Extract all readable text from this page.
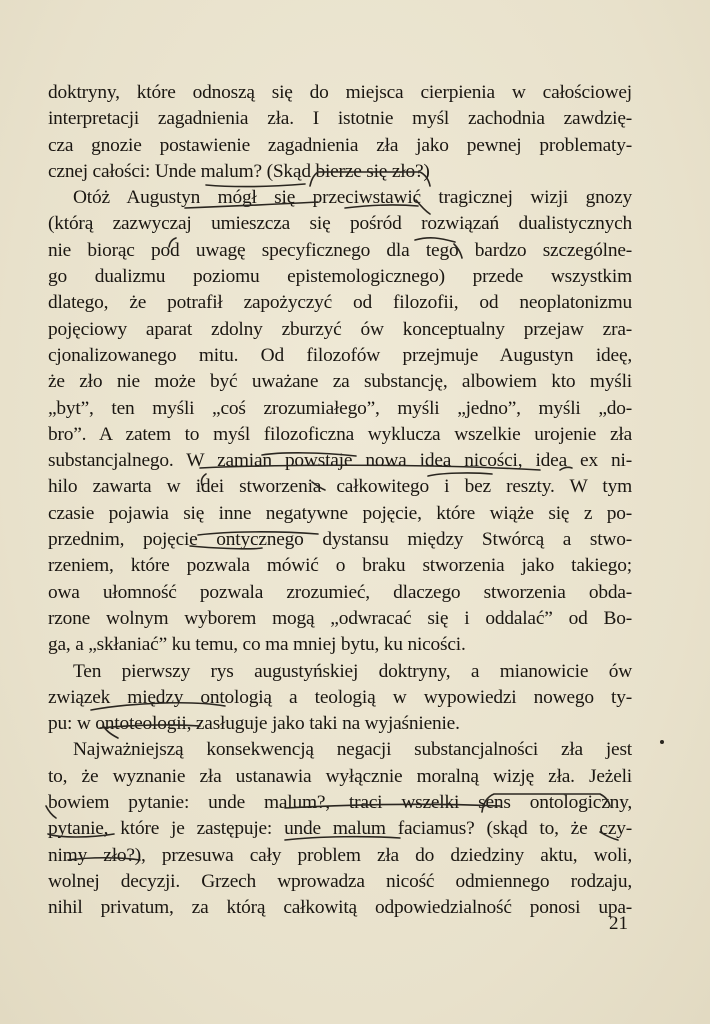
doktryny, które odnoszą się do miejsca cierpienia w całościowej
interpretacji zagadnienia zła. I istotnie myśl zachodnia zawdzię-
cza gnozie postawienie zagadnienia zła jako pewnej problematy-
cznej całości: Unde malum? (Skąd bierze się zło?)
Otóż Augustyn mógł się przeciwstawić tragicznej wizji gnozy
(którą zazwyczaj umieszcza się pośród rozwiązań dualistycznych
nie biorąc pod uwagę specyficznego dla tego bardzo szczególne-
go dualizmu poziomu epistemologicznego) przede wszystkim
dlatego, że potrafił zapożyczyć od filozofii, od neoplatonizmu
pojęciowy aparat zdolny zburzyć ów konceptualny przejaw zra-
cjonalizowanego mitu. Od filozofów przejmuje Augustyn ideę,
że zło nie może być uważane za substancję, albowiem kto myśli
„byt”, ten myśli „coś zrozumiałego”, myśli „jedno”, myśli „do-
bro”. A zatem to myśl filozoficzna wyklucza wszelkie urojenie zła
substancjalnego. W zamian powstaje nowa idea nicości, idea ex ni-
hilo zawarta w idei stworzenia całkowitego i bez reszty. W tym
czasie pojawia się inne negatywne pojęcie, które wiąże się z po-
przednim, pojęcie ontycznego dystansu między Stwórcą a stwo-
rzeniem, które pozwala mówić o braku stworzenia jako takiego;
owa ułomność pozwala zrozumieć, dlaczego stworzenia obda-
rzone wolnym wyborem mogą „odwracać się i oddalać” od Bo-
ga, a „skłaniać” ku temu, co ma mniej bytu, ku nicości.
Ten pierwszy rys augustyńskiej doktryny, a mianowicie ów
związek między ontologią a teologią w wypowiedzi nowego ty-
pu: w ontoteologii, zasługuje jako taki na wyjaśnienie.
Najważniejszą konsekwencją negacji substancjalności zła jest
to, że wyznanie zła ustanawia wyłącznie moralną wizję zła. Jeżeli
bowiem pytanie: unde malum?, traci wszelki sens ontologiczny,
pytanie, które je zastępuje: unde malum faciamus? (skąd to, że czy-
nimy zło?), przesuwa cały problem zła do dziedziny aktu, woli,
wolnej decyzji. Grzech wprowadza nicość odmiennego rodzaju,
nihil privatum, za którą całkowitą odpowiedzialność ponosi upa-
21
